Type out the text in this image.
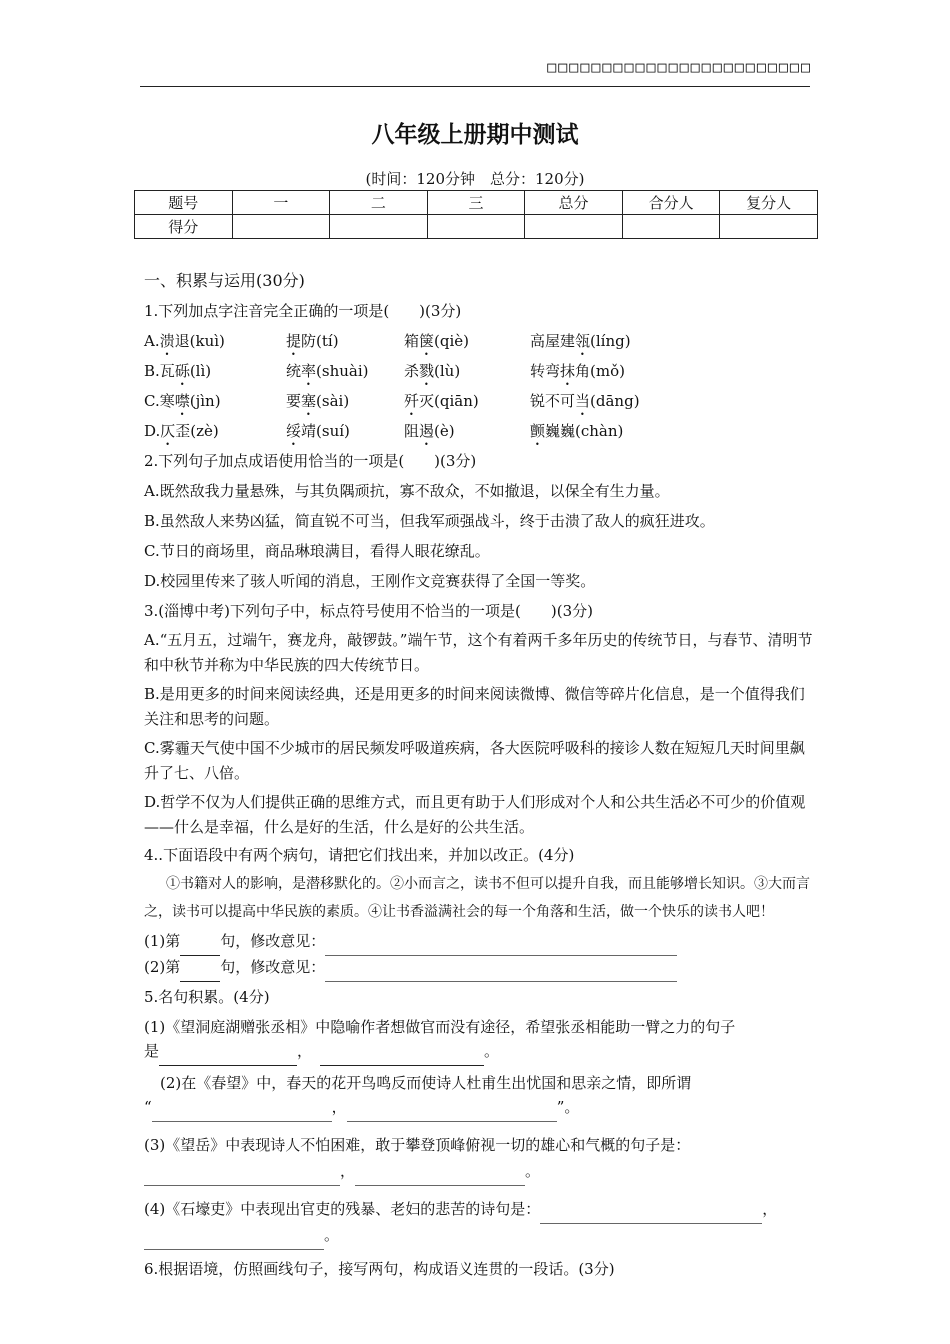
□□□□□□□□□□□□□□□□□□□□□□□□
八年级上册期中测试
(时间：120分钟　总分：120分)
题号	一	二	三	总分	合分人	复分人
得分						
一、积累与运用(30分)
1.下列加点字注音完全正确的一项是(　　)(3分)
A.溃退(kuì)	提防(tí)	箱箧(qiè)	高屋建瓴(líng)
B.瓦砾(lì)	统率(shuài)	杀戮(lù)	转弯抹角(mǒ)
C.寒噤(jìn)	要塞(sài)	歼灭(qiān)	锐不可当(dāng)
D.仄歪(zè)	绥靖(suí)	阻遏(è)	颤巍巍(chàn)
2.下列句子加点成语使用恰当的一项是(　　)(3分)
A.既然敌我力量悬殊，与其负隅顽抗，寡不敌众，不如撤退，以保全有生力量。
B.虽然敌人来势凶猛，简直锐不可当，但我军顽强战斗，终于击溃了敌人的疯狂进攻。
C.节日的商场里，商品琳琅满目，看得人眼花缭乱。
D.校园里传来了骇人听闻的消息，王刚作文竞赛获得了全国一等奖。
3.(淄博中考)下列句子中，标点符号使用不恰当的一项是(　　)(3分)
A.“五月五，过端午，赛龙舟，敲锣鼓。”端午节，这个有着两千多年历史的传统节日，与春节、清明节和中秋节并称为中华民族的四大传统节日。
B.是用更多的时间来阅读经典，还是用更多的时间来阅读微博、微信等碎片化信息，是一个值得我们关注和思考的问题。
C.雾霾天气使中国不少城市的居民频发呼吸道疾病，各大医院呼吸科的接诊人数在短短几天时间里飙升了七、八倍。
D.哲学不仅为人们提供正确的思维方式，而且更有助于人们形成对个人和公共生活必不可少的价值观——什么是幸福，什么是好的生活，什么是好的公共生活。
4..下面语段中有两个病句，请把它们找出来，并加以改正。(4分)
①书籍对人的影响，是潜移默化的。②小而言之，读书不但可以提升自我，而且能够增长知识。③大而言之，读书可以提高中华民族的素质。④让书香溢满社会的每一个角落和生活，做一个快乐的读书人吧！
(1)第	句，修改意见：
(2)第	句，修改意见：
5.名句积累。(4分)
(1)《望洞庭湖赠张丞相》中隐喻作者想做官而没有途径，希望张丞相能助一臂之力的句子
是	，	。
(2)在《春望》中，春天的花开鸟鸣反而使诗人杜甫生出忧国和思亲之情，即所谓
“	，	”。
(3)《望岳》中表现诗人不怕困难，敢于攀登顶峰俯视一切的雄心和气概的句子是：
，	。
(4)《石壕吏》中表现出官吏的残暴、老妇的悲苦的诗句是：	，
。
6.根据语境，仿照画线句子，接写两句，构成语义连贯的一段话。(3分)
